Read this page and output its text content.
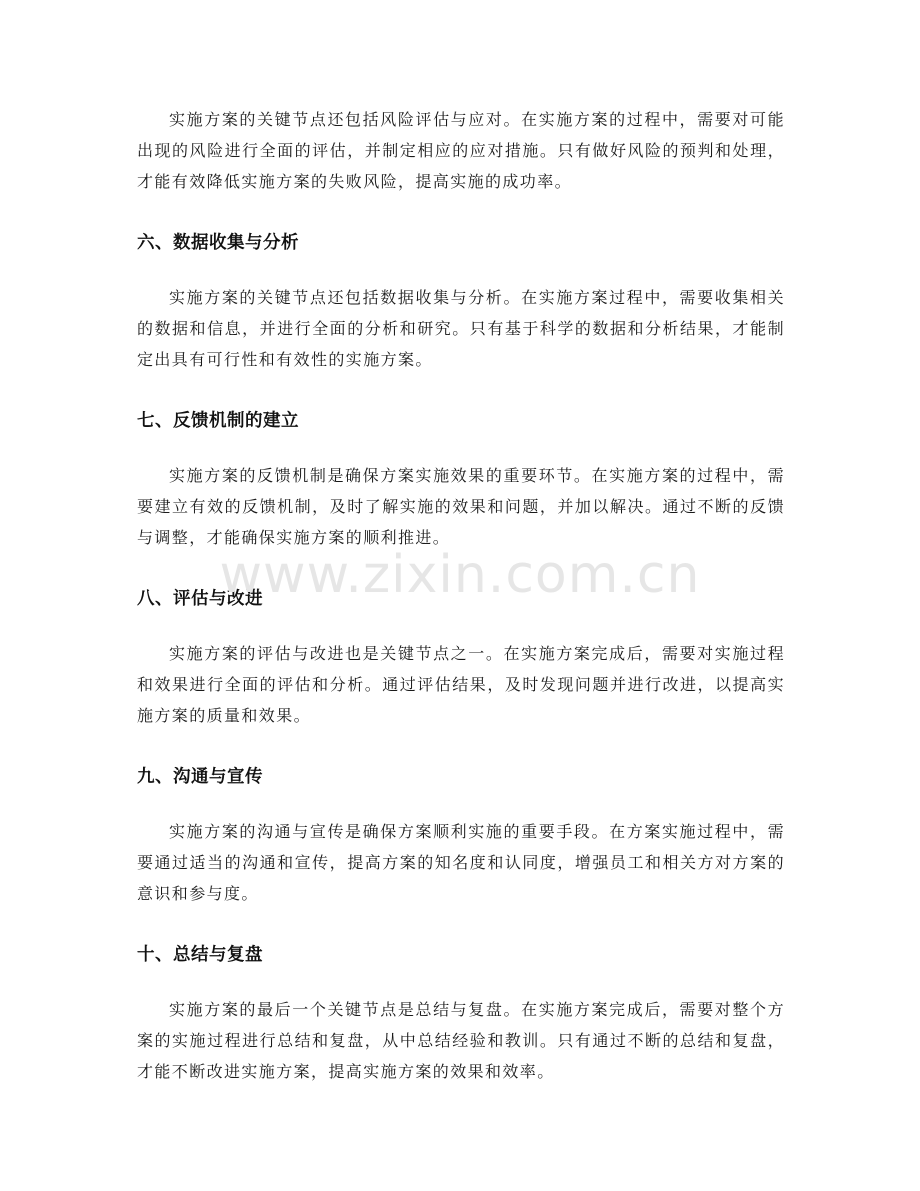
实施方案的关键节点还包括风险评估与应对。在实施方案的过程中，需要对可能出现的风险进行全面的评估，并制定相应的应对措施。只有做好风险的预判和处理，才能有效降低实施方案的失败风险，提高实施的成功率。

六、数据收集与分析

实施方案的关键节点还包括数据收集与分析。在实施方案过程中，需要收集相关的数据和信息，并进行全面的分析和研究。只有基于科学的数据和分析结果，才能制定出具有可行性和有效性的实施方案。

七、反馈机制的建立

实施方案的反馈机制是确保方案实施效果的重要环节。在实施方案的过程中，需要建立有效的反馈机制，及时了解实施的效果和问题，并加以解决。通过不断的反馈与调整，才能确保实施方案的顺利推进。

八、评估与改进

实施方案的评估与改进也是关键节点之一。在实施方案完成后，需要对实施过程和效果进行全面的评估和分析。通过评估结果，及时发现问题并进行改进，以提高实施方案的质量和效果。

九、沟通与宣传

实施方案的沟通与宣传是确保方案顺利实施的重要手段。在方案实施过程中，需要通过适当的沟通和宣传，提高方案的知名度和认同度，增强员工和相关方对方案的意识和参与度。

十、总结与复盘

实施方案的最后一个关键节点是总结与复盘。在实施方案完成后，需要对整个方案的实施过程进行总结和复盘，从中总结经验和教训。只有通过不断的总结和复盘，才能不断改进实施方案，提高实施方案的效果和效率。

www.zixin.com.cn
